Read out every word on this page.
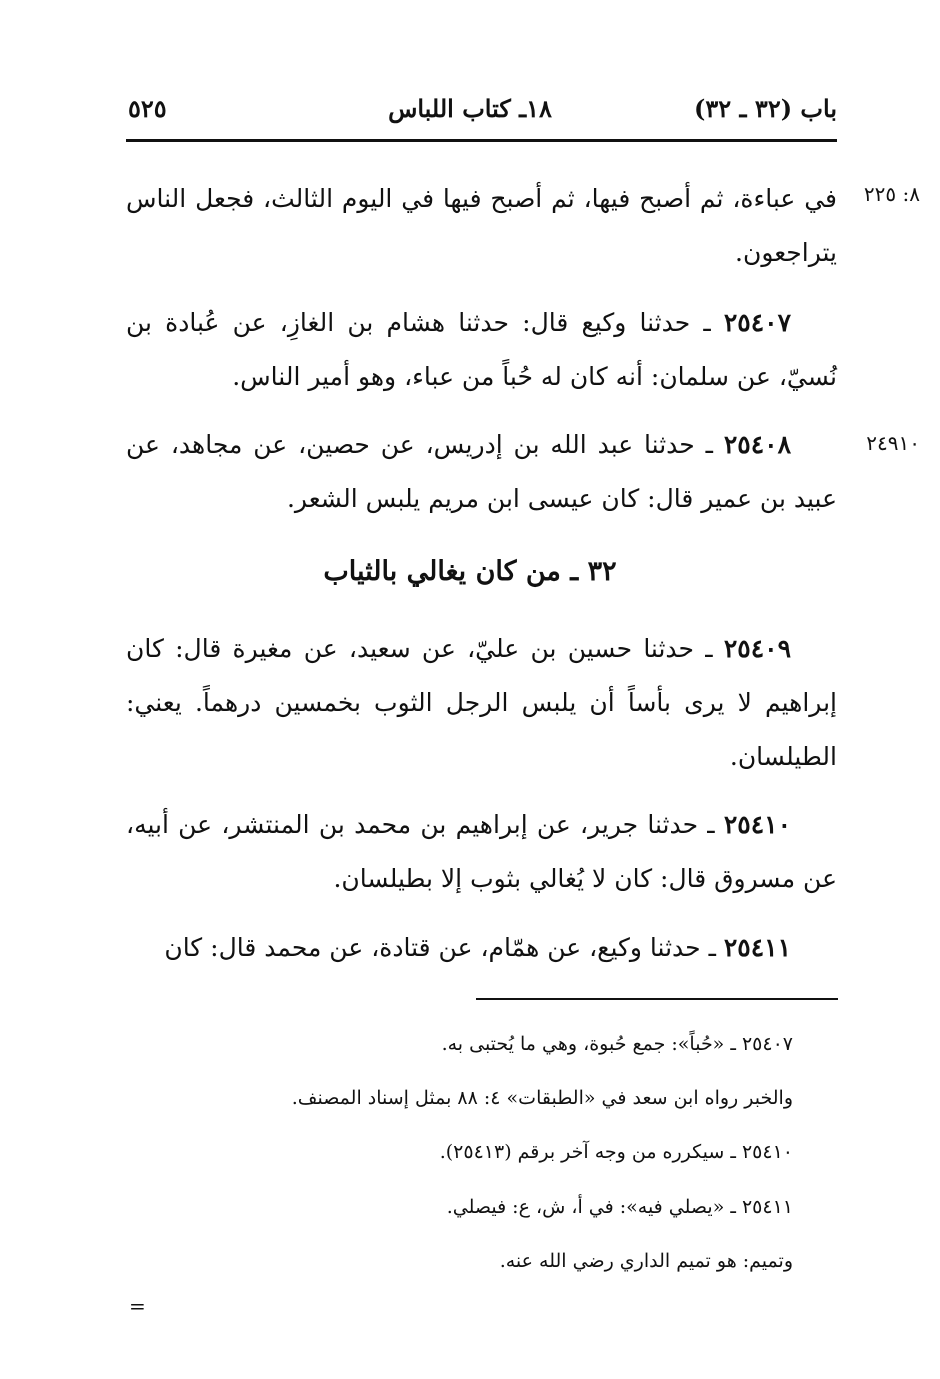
باب (٣٢ ـ ٣٢)
١٨ـ كتاب اللباس
٥٢٥
٨: ٢٢٥
٢٤٩١٠
في عباءة، ثم أصبح فيها، ثم أصبح فيها في اليوم الثالث، فجعل الناس يتراجعون.
٢٥٤٠٧ ـ حدثنا وكيع قال: حدثنا هشام بن الغازِ، عن عُبادة بن نُسيّ، عن سلمان: أنه كان له حُباً من عباء، وهو أمير الناس.
٢٥٤٠٨ ـ حدثنا عبد الله بن إدريس، عن حصين، عن مجاهد، عن عبيد بن عمير قال: كان عيسى ابن مريم يلبس الشعر.
٣٢ ـ من كان يغالي بالثياب
٢٥٤٠٩ ـ حدثنا حسين بن عليّ، عن سعيد، عن مغيرة قال: كان إبراهيم لا يرى بأساً أن يلبس الرجل الثوب بخمسين درهماً. يعني: الطيلسان.
٢٥٤١٠ ـ حدثنا جرير، عن إبراهيم بن محمد بن المنتشر، عن أبيه، عن مسروق قال: كان لا يُغالي بثوب إلا بطيلسان.
٢٥٤١١ ـ حدثنا وكيع، عن همّام، عن قتادة، عن محمد قال: كان
٢٥٤٠٧ ـ «حُباً»: جمع حُبوة، وهي ما يُحتبى به.
والخبر رواه ابن سعد في «الطبقات» ٤: ٨٨ بمثل إسناد المصنف.
٢٥٤١٠ ـ سيكرره من وجه آخر برقم (٢٥٤١٣).
٢٥٤١١ ـ «يصلي فيه»: في أ، ش، ع: فيصلي.
وتميم: هو تميم الداري رضي الله عنه.
=
